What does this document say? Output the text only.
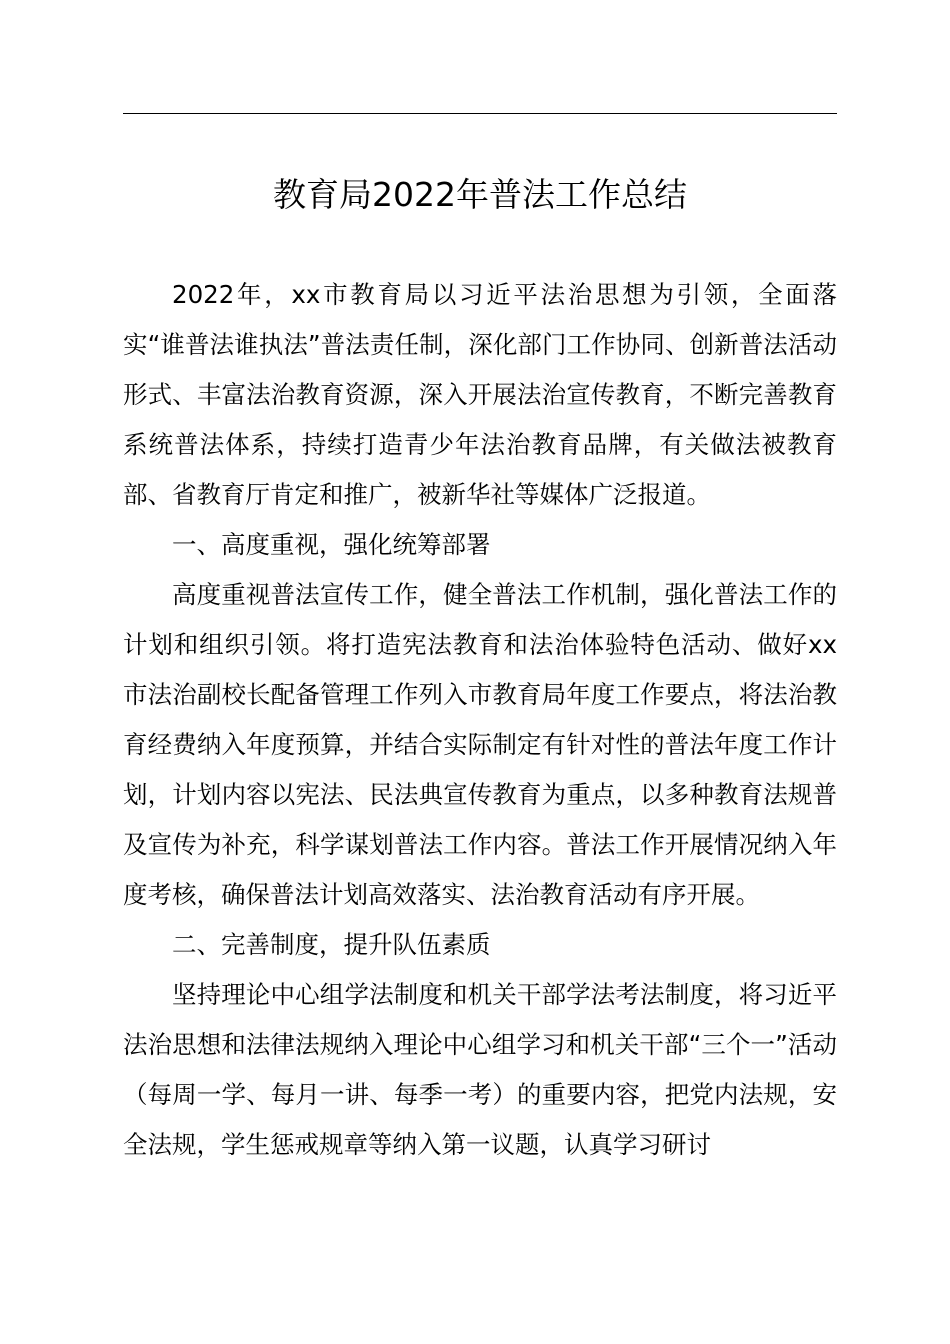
教育局2022年普法工作总结

2022年，xx市教育局以习近平法治思想为引领，全面落实“谁普法谁执法”普法责任制，深化部门工作协同、创新普法活动形式、丰富法治教育资源，深入开展法治宣传教育，不断完善教育系统普法体系，持续打造青少年法治教育品牌，有关做法被教育部、省教育厅肯定和推广，被新华社等媒体广泛报道。

一、高度重视，强化统筹部署

高度重视普法宣传工作，健全普法工作机制，强化普法工作的计划和组织引领。将打造宪法教育和法治体验特色活动、做好xx市法治副校长配备管理工作列入市教育局年度工作要点，将法治教育经费纳入年度预算，并结合实际制定有针对性的普法年度工作计划，计划内容以宪法、民法典宣传教育为重点，以多种教育法规普及宣传为补充，科学谋划普法工作内容。普法工作开展情况纳入年度考核，确保普法计划高效落实、法治教育活动有序开展。

二、完善制度，提升队伍素质

坚持理论中心组学法制度和机关干部学法考法制度，将习近平法治思想和法律法规纳入理论中心组学习和机关干部“三个一”活动（每周一学、每月一讲、每季一考）的重要内容，把党内法规，安全法规，学生惩戒规章等纳入第一议题，认真学习研讨
